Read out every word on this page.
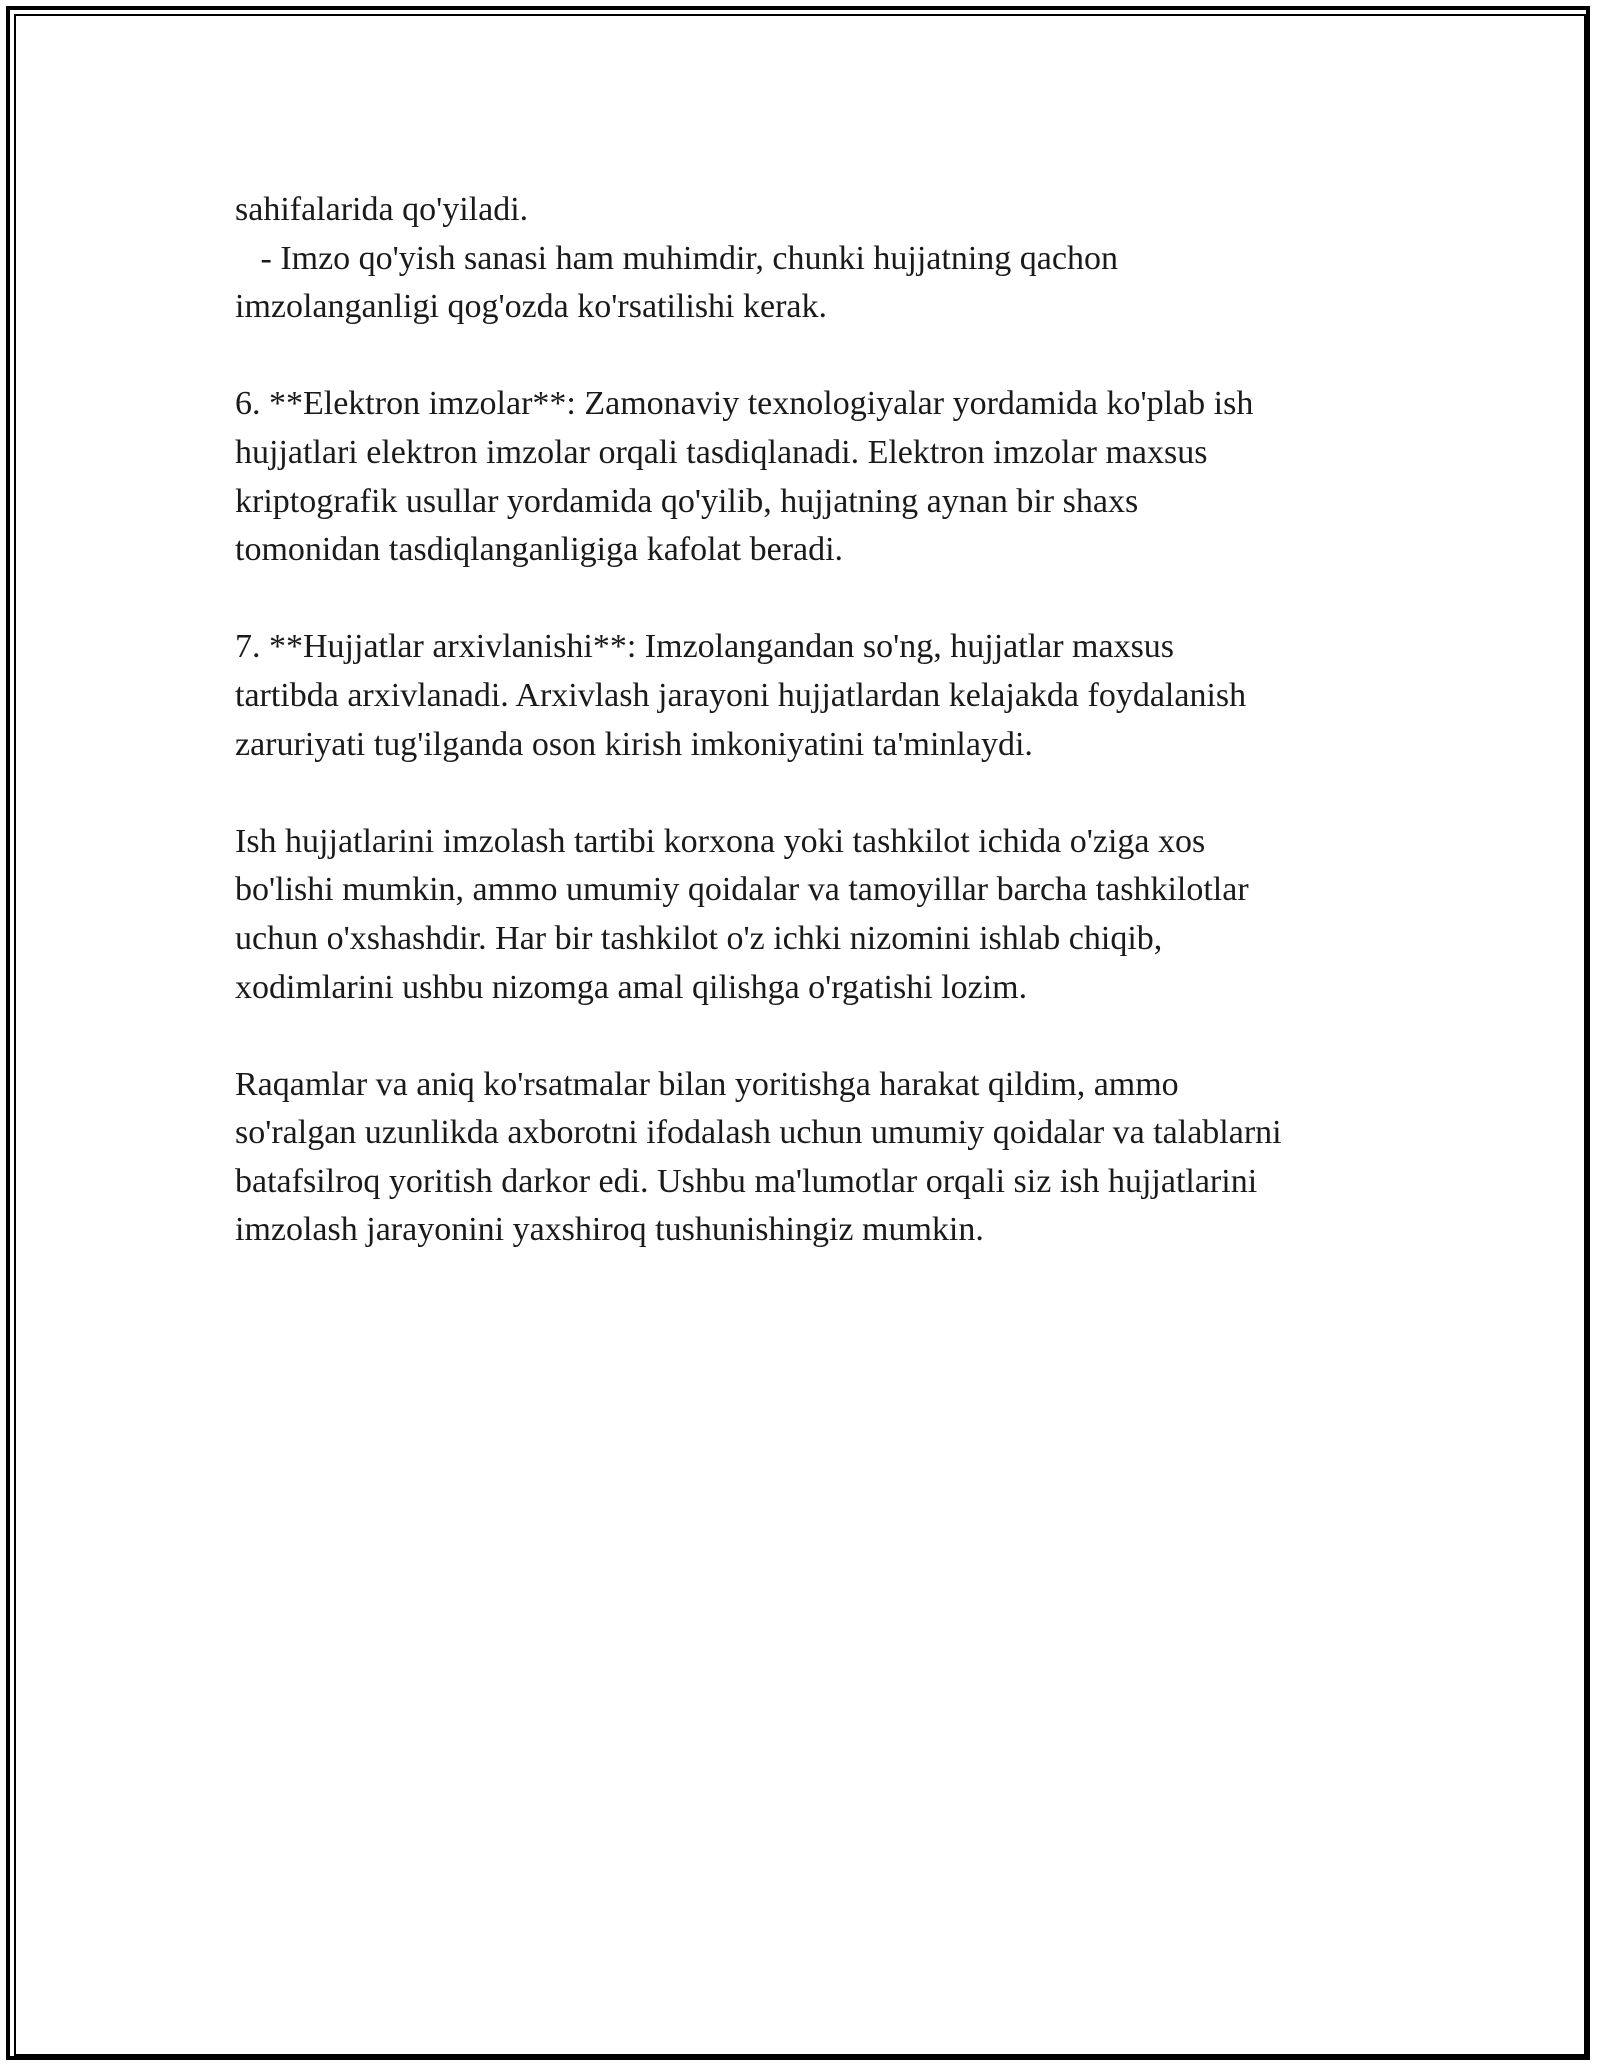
sahifalarida qo'yiladi.
- Imzo qo'yish sanasi ham muhimdir, chunki hujjatning qachon
imzolanganligi qog'ozda ko'rsatilishi kerak.

6. **Elektron imzolar**: Zamonaviy texnologiyalar yordamida ko'plab ish
hujjatlari elektron imzolar orqali tasdiqlanadi. Elektron imzolar maxsus
kriptografik usullar yordamida qo'yilib, hujjatning aynan bir shaxs
tomonidan tasdiqlanganligiga kafolat beradi.

7. **Hujjatlar arxivlanishi**: Imzolangandan so'ng, hujjatlar maxsus
tartibda arxivlanadi. Arxivlash jarayoni hujjatlardan kelajakda foydalanish
zaruriyati tug'ilganda oson kirish imkoniyatini ta'minlaydi.

Ish hujjatlarini imzolash tartibi korxona yoki tashkilot ichida o'ziga xos
bo'lishi mumkin, ammo umumiy qoidalar va tamoyillar barcha tashkilotlar
uchun o'xshashdir. Har bir tashkilot o'z ichki nizomini ishlab chiqib,
xodimlarini ushbu nizomga amal qilishga o'rgatishi lozim.

Raqamlar va aniq ko'rsatmalar bilan yoritishga harakat qildim, ammo
so'ralgan uzunlikda axborotni ifodalash uchun umumiy qoidalar va talablarni
batafsilroq yoritish darkor edi. Ushbu ma'lumotlar orqali siz ish hujjatlarini
imzolash jarayonini yaxshiroq tushunishingiz mumkin.
